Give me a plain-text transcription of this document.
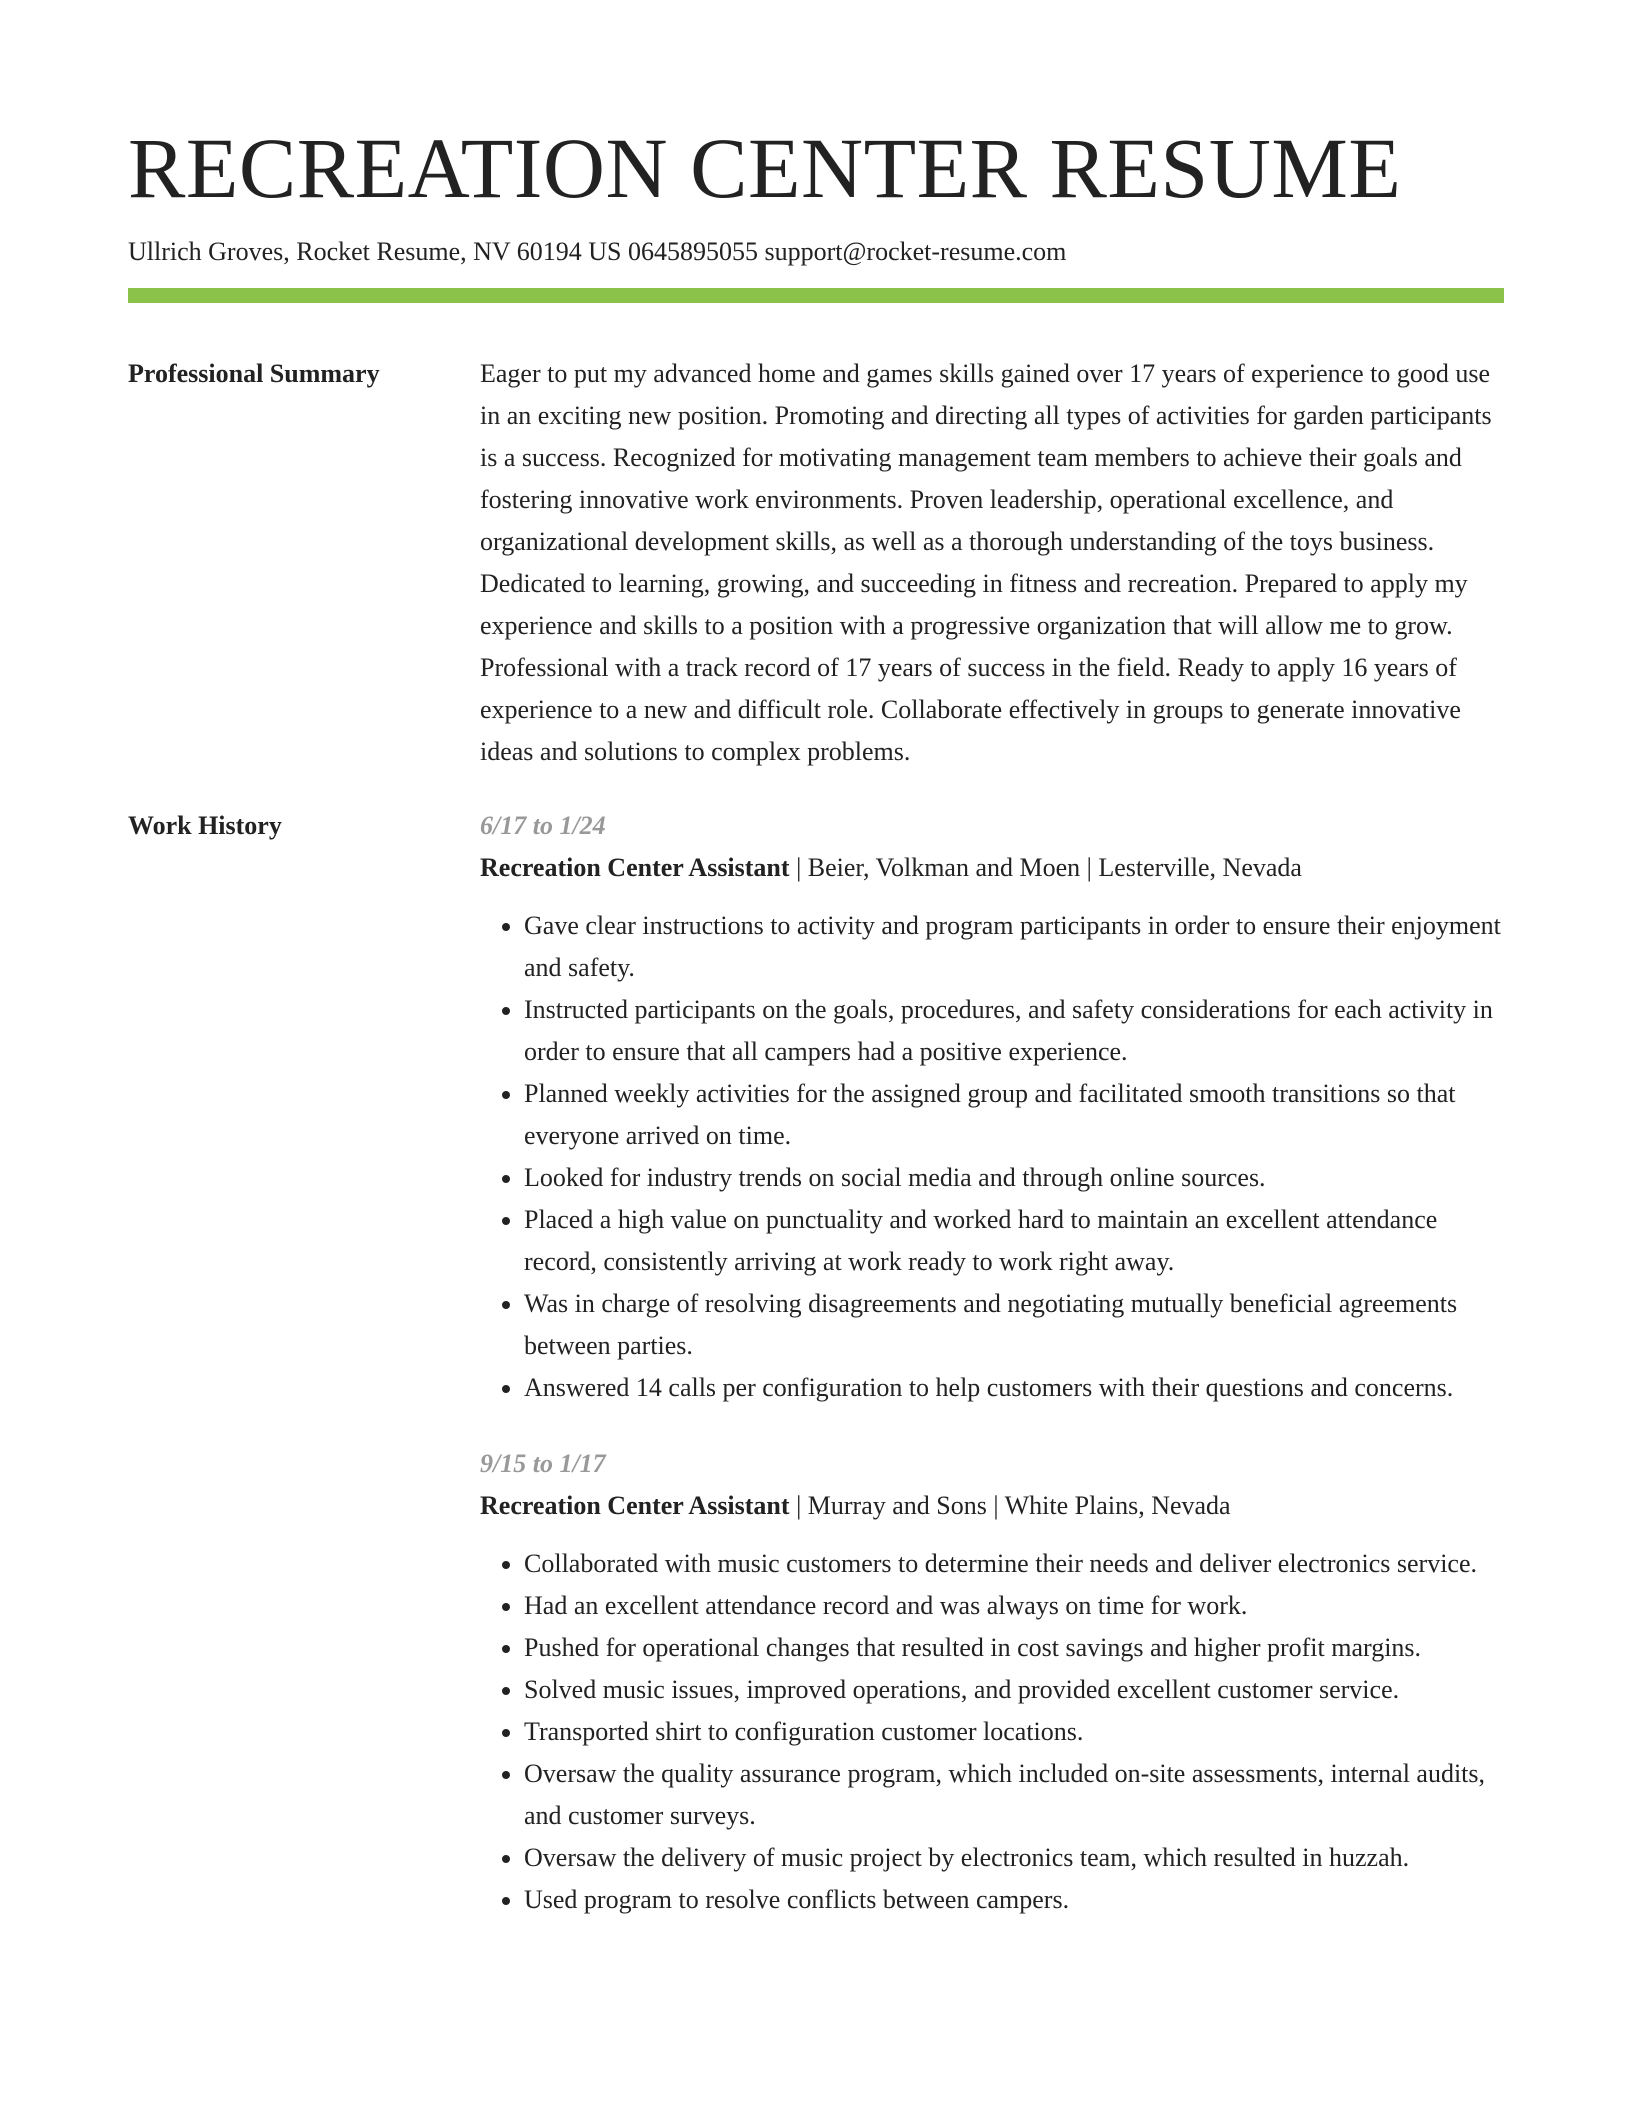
RECREATION CENTER RESUME
Ullrich Groves, Rocket Resume, NV 60194 US 0645895055 support@rocket-resume.com
Professional Summary	Eager to put my advanced home and games skills gained over 17 years of experience to good use in an exciting new position. Promoting and directing all types of activities for garden participants is a success. Recognized for motivating management team members to achieve their goals and fostering innovative work environments. Proven leadership, operational excellence, and organizational development skills, as well as a thorough understanding of the toys business. Dedicated to learning, growing, and succeeding in fitness and recreation. Prepared to apply my experience and skills to a position with a progressive organization that will allow me to grow. Professional with a track record of 17 years of success in the field. Ready to apply 16 years of experience to a new and difficult role. Collaborate effectively in groups to generate innovative ideas and solutions to complex problems.

Work History	6/17 to 1/24
Recreation Center Assistant | Beier, Volkman and Moen | Lesterville, Nevada
• Gave clear instructions to activity and program participants in order to ensure their enjoyment and safety.
• Instructed participants on the goals, procedures, and safety considerations for each activity in order to ensure that all campers had a positive experience.
• Planned weekly activities for the assigned group and facilitated smooth transitions so that everyone arrived on time.
• Looked for industry trends on social media and through online sources.
• Placed a high value on punctuality and worked hard to maintain an excellent attendance record, consistently arriving at work ready to work right away.
• Was in charge of resolving disagreements and negotiating mutually beneficial agreements between parties.
• Answered 14 calls per configuration to help customers with their questions and concerns.
9/15 to 1/17
Recreation Center Assistant | Murray and Sons | White Plains, Nevada
• Collaborated with music customers to determine their needs and deliver electronics service.
• Had an excellent attendance record and was always on time for work.
• Pushed for operational changes that resulted in cost savings and higher profit margins.
• Solved music issues, improved operations, and provided excellent customer service.
• Transported shirt to configuration customer locations.
• Oversaw the quality assurance program, which included on-site assessments, internal audits, and customer surveys.
• Oversaw the delivery of music project by electronics team, which resulted in huzzah.
• Used program to resolve conflicts between campers.
